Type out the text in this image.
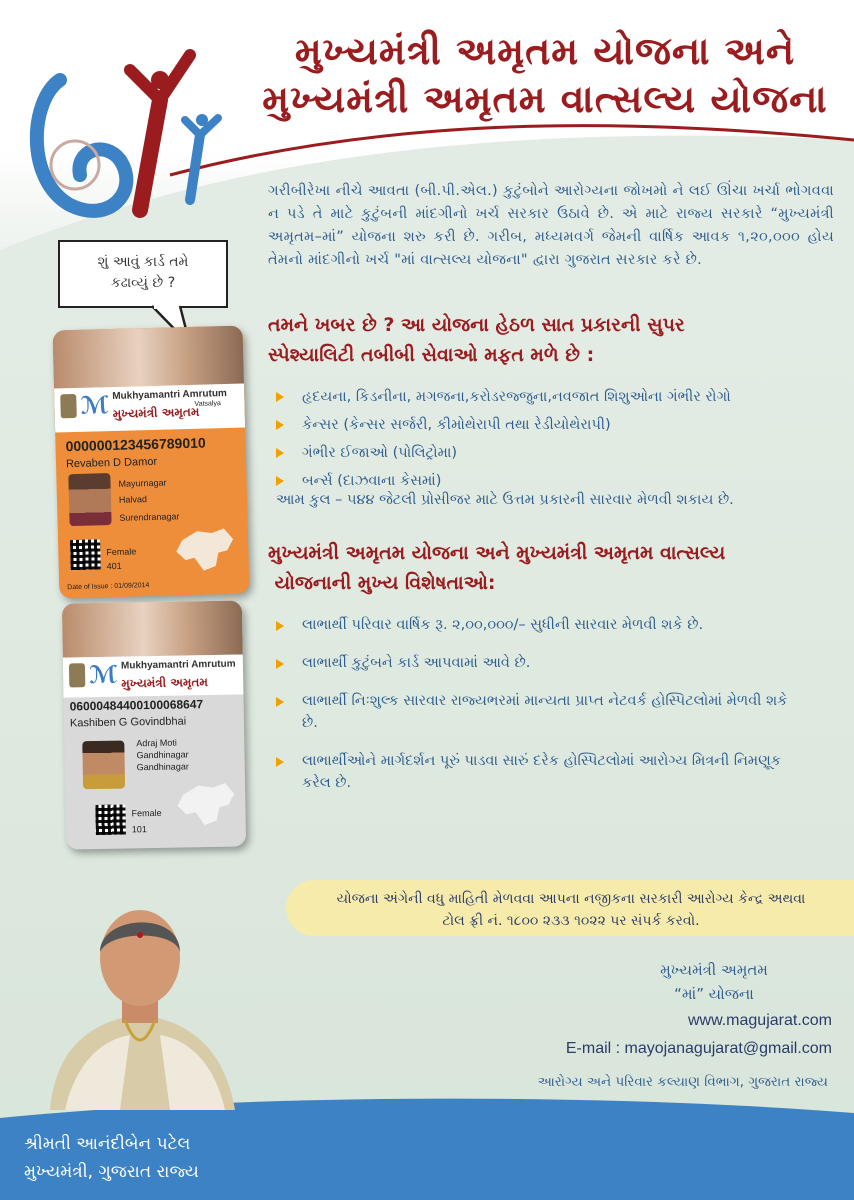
મુખ્યમંત્રી અમૃતમ યોજના અને
મુખ્યમંત્રી અમૃતમ વાત્સલ્ય યોજના
ગરીબીરેખા નીચે આવતા (બી.પી.એલ.) કુટુંબોને આરોગ્યના જોખમો ને લઈ ઊંચા ખર્ચા ભોગવવા ન પડે તે માટે કુટુંબની માંદગીનો ખર્ચ સરકાર ઉઠાવે છે. એ માટે રાજ્ય સરકારે “મુખ્યમંત્રી અમૃતમ–માં” યોજના શરુ કરી છે. ગરીબ, મધ્યમવર્ગ જેમની વાર્ષિક આવક ૧,૨૦,૦૦૦ હોય તેમનો માંદગીનો ખર્ચ "માં વાત્સલ્ય યોજના" દ્વારા ગુજરાત સરકાર કરે છે.
શું આવું કાર્ડ તમે
કઢાવ્યું છે ?
ℳ Mukhyamantri Amrutum
મુખ્યમંત્રી અમૃતમ
Vatsalya
000000123456789010
Revaben D Damor
Mayurnagar
Halvad
Surendranagar
Female
401
Date of Issue : 01/09/2014
ℳ Mukhyamantri Amrutum
મુખ્યમંત્રી અમૃતમ
06000484400100068647
Kashiben G Govindbhai
Adraj Moti
Gandhinagar
Gandhinagar
Female
101
તમને ખબર છે ? આ યોજના હેઠળ સાત પ્રકારની સુપર
સ્પેશ્યાલિટી તબીબી સેવાઓ મફત મળે છે :
હૃદયના, કિડનીના, મગજના,કરોડરજ્જુના,નવજાત શિશુઓના ગંભીર રોગો
કેન્સર (કેન્સર સર્જરી, કીમોથેરાપી તથા રેડીયોથેરાપી)
ગંભીર ઈજાઓ (પોલિટ્રોમા)
બર્ન્સ (દાઝવાના કેસમાં)
આમ કુલ – ૫૪૪ જેટલી પ્રોસીજર માટે ઉત્તમ પ્રકારની સારવાર મેળવી શકાય છે.
મુખ્યમંત્રી અમૃતમ યોજના અને મુખ્યમંત્રી અમૃતમ વાત્સલ્ય
યોજનાની મુખ્ય વિશેષતાઓ:
લાભાર્થી પરિવાર વાર્ષિક રૂ. ૨,૦૦,૦૦૦/– સુધીની સારવાર મેળવી શકે છે.
લાભાર્થી કુટુંબને કાર્ડ આપવામાં આવે છે.
લાભાર્થી નિઃશુલ્ક સારવાર રાજ્યભરમાં માન્યતા પ્રાપ્ત નેટવર્ક હોસ્પિટલોમાં મેળવી શકે છે.
લાભાર્થીઓને માર્ગદર્શન પૂરું પાડવા સારું દરેક હોસ્પિટલોમાં આરોગ્ય મિત્રની નિમણૂક કરેલ છે.
યોજના અંગેની વધુ માહિતી મેળવવા આપના નજીકના સરકારી આરોગ્ય કેન્દ્ર અથવા
ટોલ ફ્રી નં. ૧૮૦૦ ૨૩૩ ૧૦૨૨ પર સંપર્ક કરવો.
મુખ્યમંત્રી અમૃતમ
“માં” યોજના
www.magujarat.com
E-mail : mayojanagujarat@gmail.com
આરોગ્ય અને પરિવાર કલ્યાણ વિભાગ, ગુજરાત રાજ્ય
શ્રીમતી આનંદીબેન પટેલ
મુખ્યમંત્રી, ગુજરાત રાજ્ય
